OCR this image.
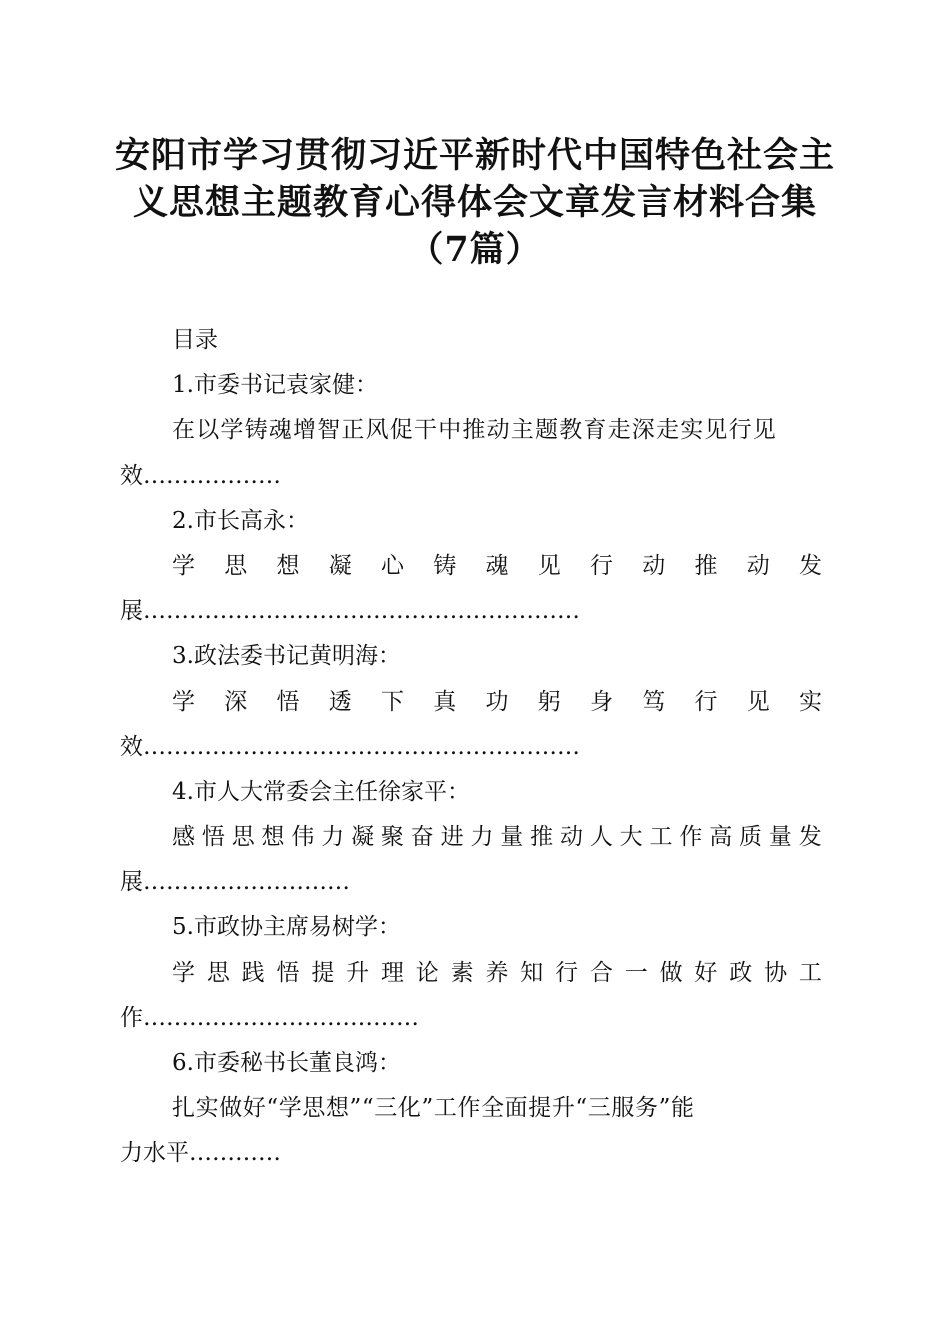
安阳市学习贯彻习近平新时代中国特色社会主
义思想主题教育心得体会文章发言材料合集
（7篇）
目录
1.市委书记袁家健：
在以学铸魂增智正风促干中推动主题教育走深走实见行见
效………………
2.市长高永：
学 思 想 凝 心 铸 魂 见 行 动 推 动 发
展…………………………………………………
3.政法委书记黄明海：
学 深 悟 透 下 真 功 躬 身 笃 行 见 实
效…………………………………………………
4.市人大常委会主任徐家平：
感 悟 思 想 伟 力 凝 聚 奋 进 力 量 推 动 人 大 工 作 高 质 量 发
展………………………
5.市政协主席易树学：
学 思 践 悟 提 升 理 论 素 养 知 行 合 一 做 好 政 协 工
作………………………………
6.市委秘书长董良鸿：
扎实做好“学思想”“三化”工作全面提升“三服务”能
力水平…………
